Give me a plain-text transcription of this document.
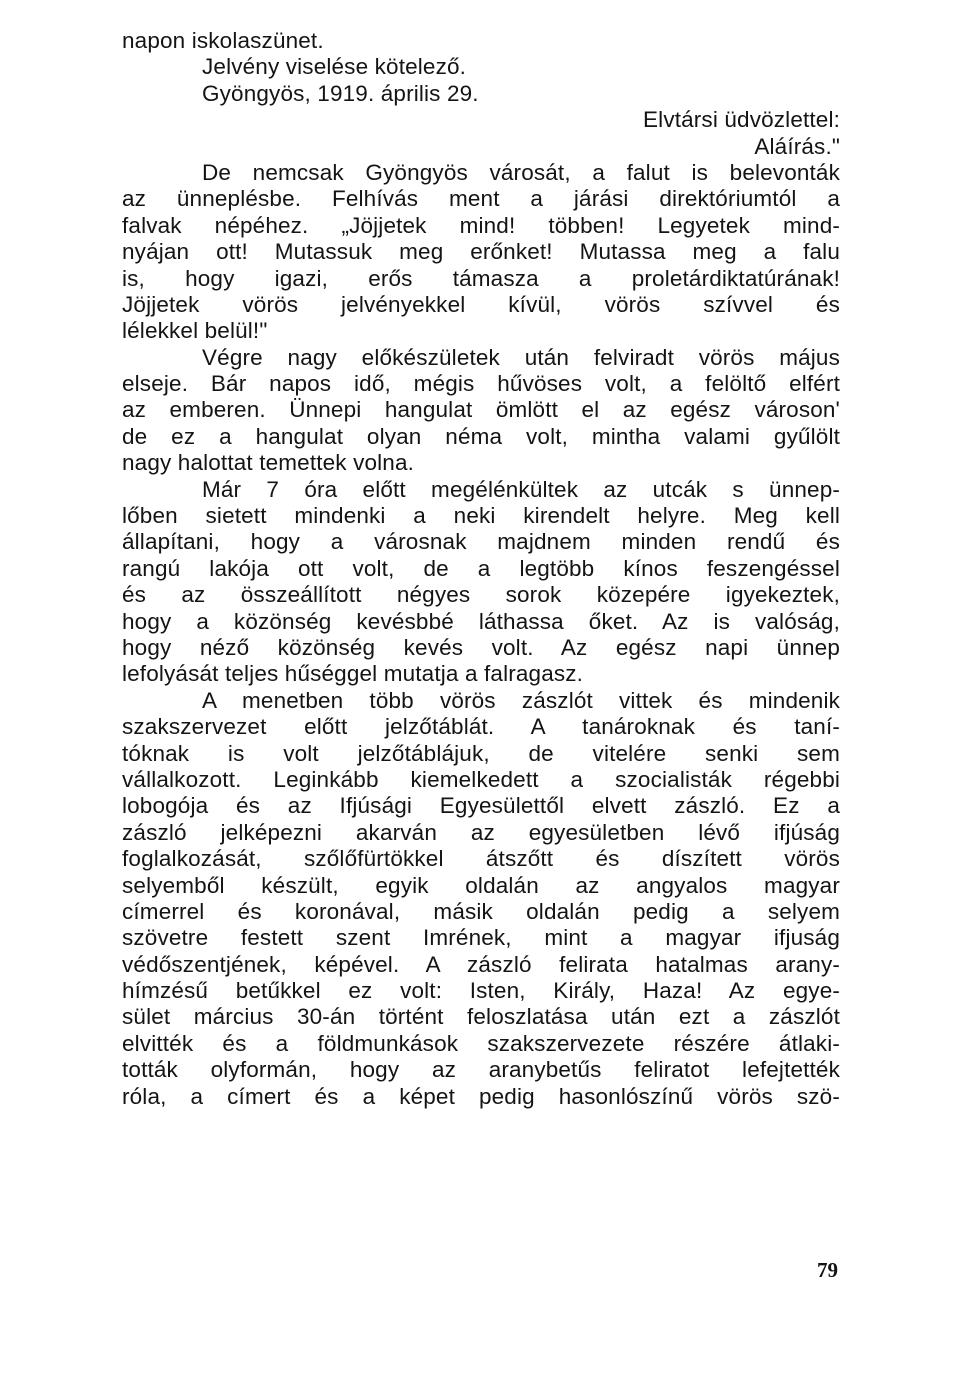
napon iskolaszünet.
Jelvény viselése kötelező.
Gyöngyös, 1919. április 29.
Elvtársi üdvözlettel:
Aláírás."
De nemcsak Gyöngyös városát, a falut is belevonták
az ünneplésbe. Felhívás ment a járási direktóriumtól a
falvak népéhez. „Jöjjetek mind! többen! Legyetek mind-
nyájan ott! Mutassuk meg erőnket! Mutassa meg a falu
is, hogy igazi, erős támasza a proletárdiktatúrának!
Jöjjetek vörös jelvényekkel kívül, vörös szívvel és
lélekkel belül!"
Végre nagy előkészületek után felviradt vörös május
elseje. Bár napos idő, mégis hűvöses volt, a felöltő elfért
az emberen. Ünnepi hangulat ömlött el az egész városon'
de ez a hangulat olyan néma volt, mintha valami gyűlölt
nagy halottat temettek volna.
Már 7 óra előtt megélénkültek az utcák s ünnep-
lőben sietett mindenki a neki kirendelt helyre. Meg kell
állapítani, hogy a városnak majdnem minden rendű és
rangú lakója ott volt, de a legtöbb kínos feszengéssel
és az összeállított négyes sorok közepére igyekeztek,
hogy a közönség kevésbbé láthassa őket. Az is valóság,
hogy néző közönség kevés volt. Az egész napi ünnep
lefolyását teljes hűséggel mutatja a falragasz.
A menetben több vörös zászlót vittek és mindenik
szakszervezet előtt jelzőtáblát. A tanároknak és taní-
tóknak is volt jelzőtáblájuk, de vitelére senki sem
vállalkozott. Leginkább kiemelkedett a szocialisták régebbi
lobogója és az Ifjúsági Egyesülettől elvett zászló. Ez a
zászló jelképezni akarván az egyesületben lévő ifjúság
foglalkozását, szőlőfürtökkel átszőtt és díszített vörös
selyemből készült, egyik oldalán az angyalos magyar
címerrel és koronával, másik oldalán pedig a selyem
szövetre festett szent Imrének, mint a magyar ifjuság
védőszentjének, képével. A zászló felirata hatalmas arany-
hímzésű betűkkel ez volt: Isten, Király, Haza! Az egye-
sület március 30-án történt feloszlatása után ezt a zászlót
elvitték és a földmunkások szakszervezete részére átlaki-
tották olyformán, hogy az aranybetűs feliratot lefejtették
róla, a címert és a képet pedig hasonlószínű vörös szö-
79
